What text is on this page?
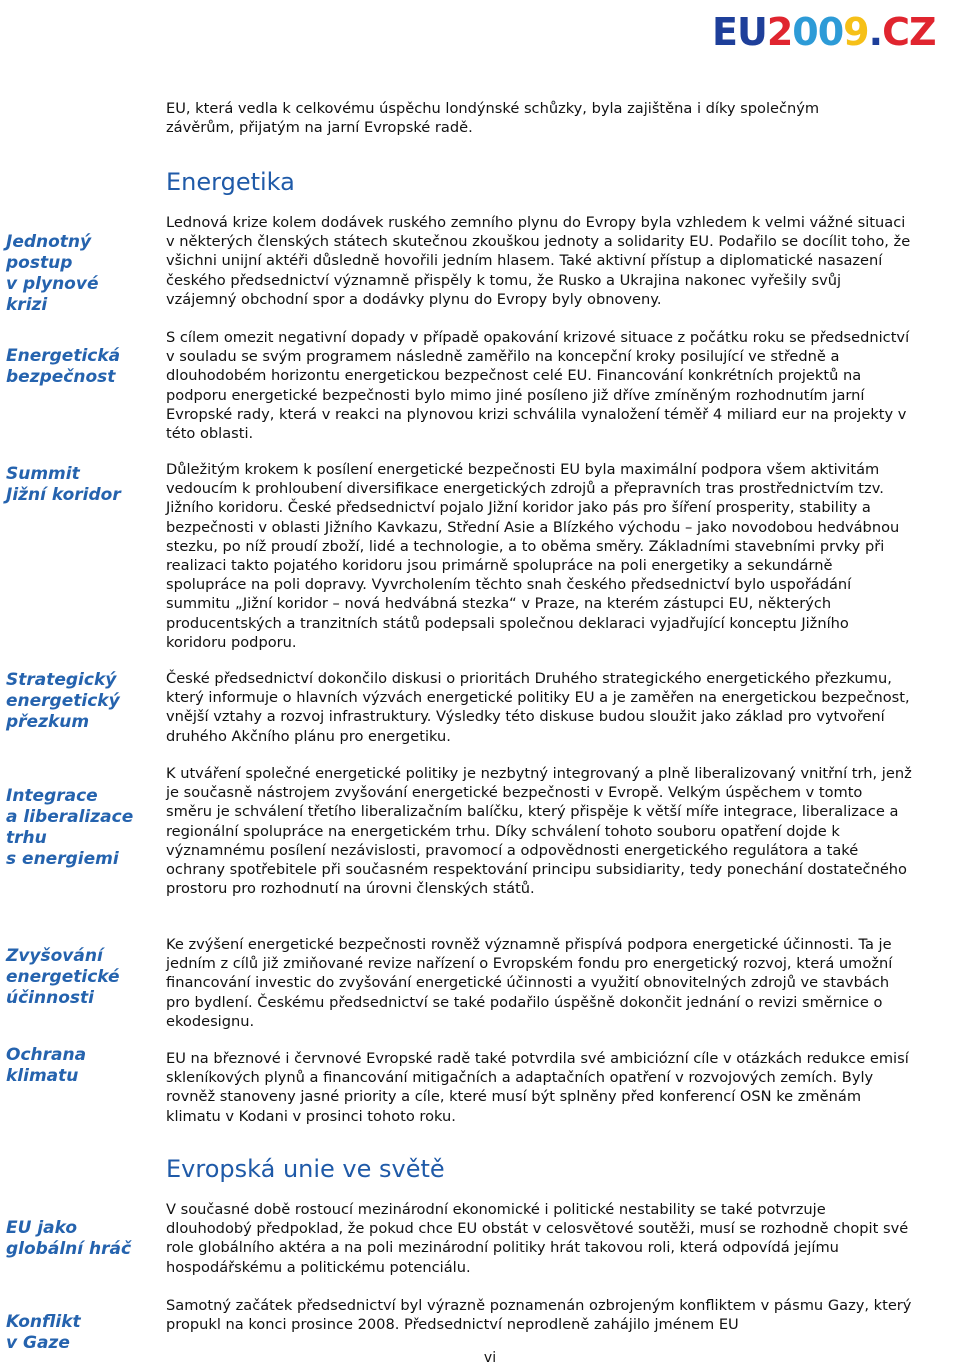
EU2009.CZ

EU, která vedla k celkovému úspěchu londýnské schůzky, byla zajištěna i díky společným
závěrům, přijatým na jarní Evropské radě.

Energetika

Lednová krize kolem dodávek ruského zemního plynu do Evropy byla vzhledem k velmi vážné situaci v některých členských státech skutečnou zkouškou jednoty a solidarity EU. Podařilo se docílit toho, že všichni unijní aktéři důsledně hovořili jedním hlasem. Také aktivní přístup a diplomatické nasazení českého předsednictví významně přispěly k tomu, že Rusko a Ukrajina nakonec vyřešily svůj vzájemný obchodní spor a dodávky plynu do Evropy byly obnoveny.

S cílem omezit negativní dopady v případě opakování krizové situace z počátku roku se předsednictví v souladu se svým programem následně zaměřilo na koncepční kroky posilující ve středně a dlouhodobém horizontu energetickou bezpečnost celé EU. Financování konkrétních projektů na podporu energetické bezpečnosti bylo mimo jiné posíleno již dříve zmíněným rozhodnutím jarní Evropské rady, která v reakci na plynovou krizi schválila vynaložení téměř 4 miliard eur na projekty v této oblasti.

Důležitým krokem k posílení energetické bezpečnosti EU byla maximální podpora všem aktivitám vedoucím k prohloubení diversifikace energetických zdrojů a přepravních tras prostřednictvím tzv. Jižního koridoru. České předsednictví pojalo Jižní koridor jako pás pro šíření prosperity, stability a bezpečnosti v oblasti Jižního Kavkazu, Střední Asie a Blízkého východu – jako novodobou hedvábnou stezku, po níž proudí zboží, lidé a technologie, a to oběma směry. Základními stavebními prvky při realizaci takto pojatého koridoru jsou primárně spolupráce na poli energetiky a sekundárně spolupráce na poli dopravy. Vyvrcholením těchto snah českého předsednictví bylo uspořádání summitu „Jižní koridor – nová hedvábná stezka“ v Praze, na kterém zástupci EU, některých producentských a tranzitních států podepsali společnou deklaraci vyjadřující konceptu Jižního koridoru podporu.

České předsednictví dokončilo diskusi o prioritách Druhého strategického energetického přezkumu, který informuje o hlavních výzvách energetické politiky EU a je zaměřen na energetickou bezpečnost, vnější vztahy a rozvoj infrastruktury. Výsledky této diskuse budou sloužit jako základ pro vytvoření druhého Akčního plánu pro energetiku.

K utváření společné energetické politiky je nezbytný integrovaný a plně liberalizovaný vnitřní trh, jenž je současně nástrojem zvyšování energetické bezpečnosti v Evropě. Velkým úspěchem v tomto směru je schválení třetího liberalizačním balíčku, který přispěje k větší míře integrace, liberalizace a regionální spolupráce na energetickém trhu. Díky schválení tohoto souboru opatření dojde k významnému posílení nezávislosti, pravomocí a odpovědnosti energetického regulátora a také ochrany spotřebitele při současném respektování principu subsidiarity, tedy ponechání dostatečného prostoru pro rozhodnutí na úrovni členských států.

Ke zvýšení energetické bezpečnosti rovněž významně přispívá podpora energetické účinnosti. Ta je jedním z cílů již zmiňované revize nařízení o Evropském fondu pro energetický rozvoj, která umožní financování investic do zvyšování energetické účinnosti a využití obnovitelných zdrojů ve stavbách pro bydlení. Českému předsednictví se také podařilo úspěšně dokončit jednání o revizi směrnice o ekodesignu.

EU na březnové i červnové Evropské radě také potvrdila své ambiciózní cíle v otázkách redukce emisí skleníkových plynů a financování mitigačních a adaptačních opatření v rozvojových zemích. Byly rovněž stanoveny jasné priority a cíle, které musí být splněny před konferencí OSN ke změnám klimatu v Kodani v prosinci tohoto roku.

Evropská unie ve světě

V současné době rostoucí mezinárodní ekonomické i politické nestability se také potvrzuje dlouhodobý předpoklad, že pokud chce EU obstát v celosvětové soutěži, musí se rozhodně chopit své role globálního aktéra a na poli mezinárodní politiky hrát takovou roli, která odpovídá jejímu hospodářskému a politickému potenciálu.

Samotný začátek předsednictví byl výrazně poznamenán ozbrojeným konfliktem v pásmu Gazy, který propukl na konci prosince 2008. Předsednictví neprodleně zahájilo jménem EU

Jednotný
postup
v plynové
krizi
Energetická
bezpečnost
Summit
Jižní koridor
Strategický
energetický
přezkum
Integrace
a liberalizace
trhu
s energiemi
Zvyšování
energetické
účinnosti
Ochrana
klimatu
EU jako
globální hráč
Konflikt
v Gaze
vi
